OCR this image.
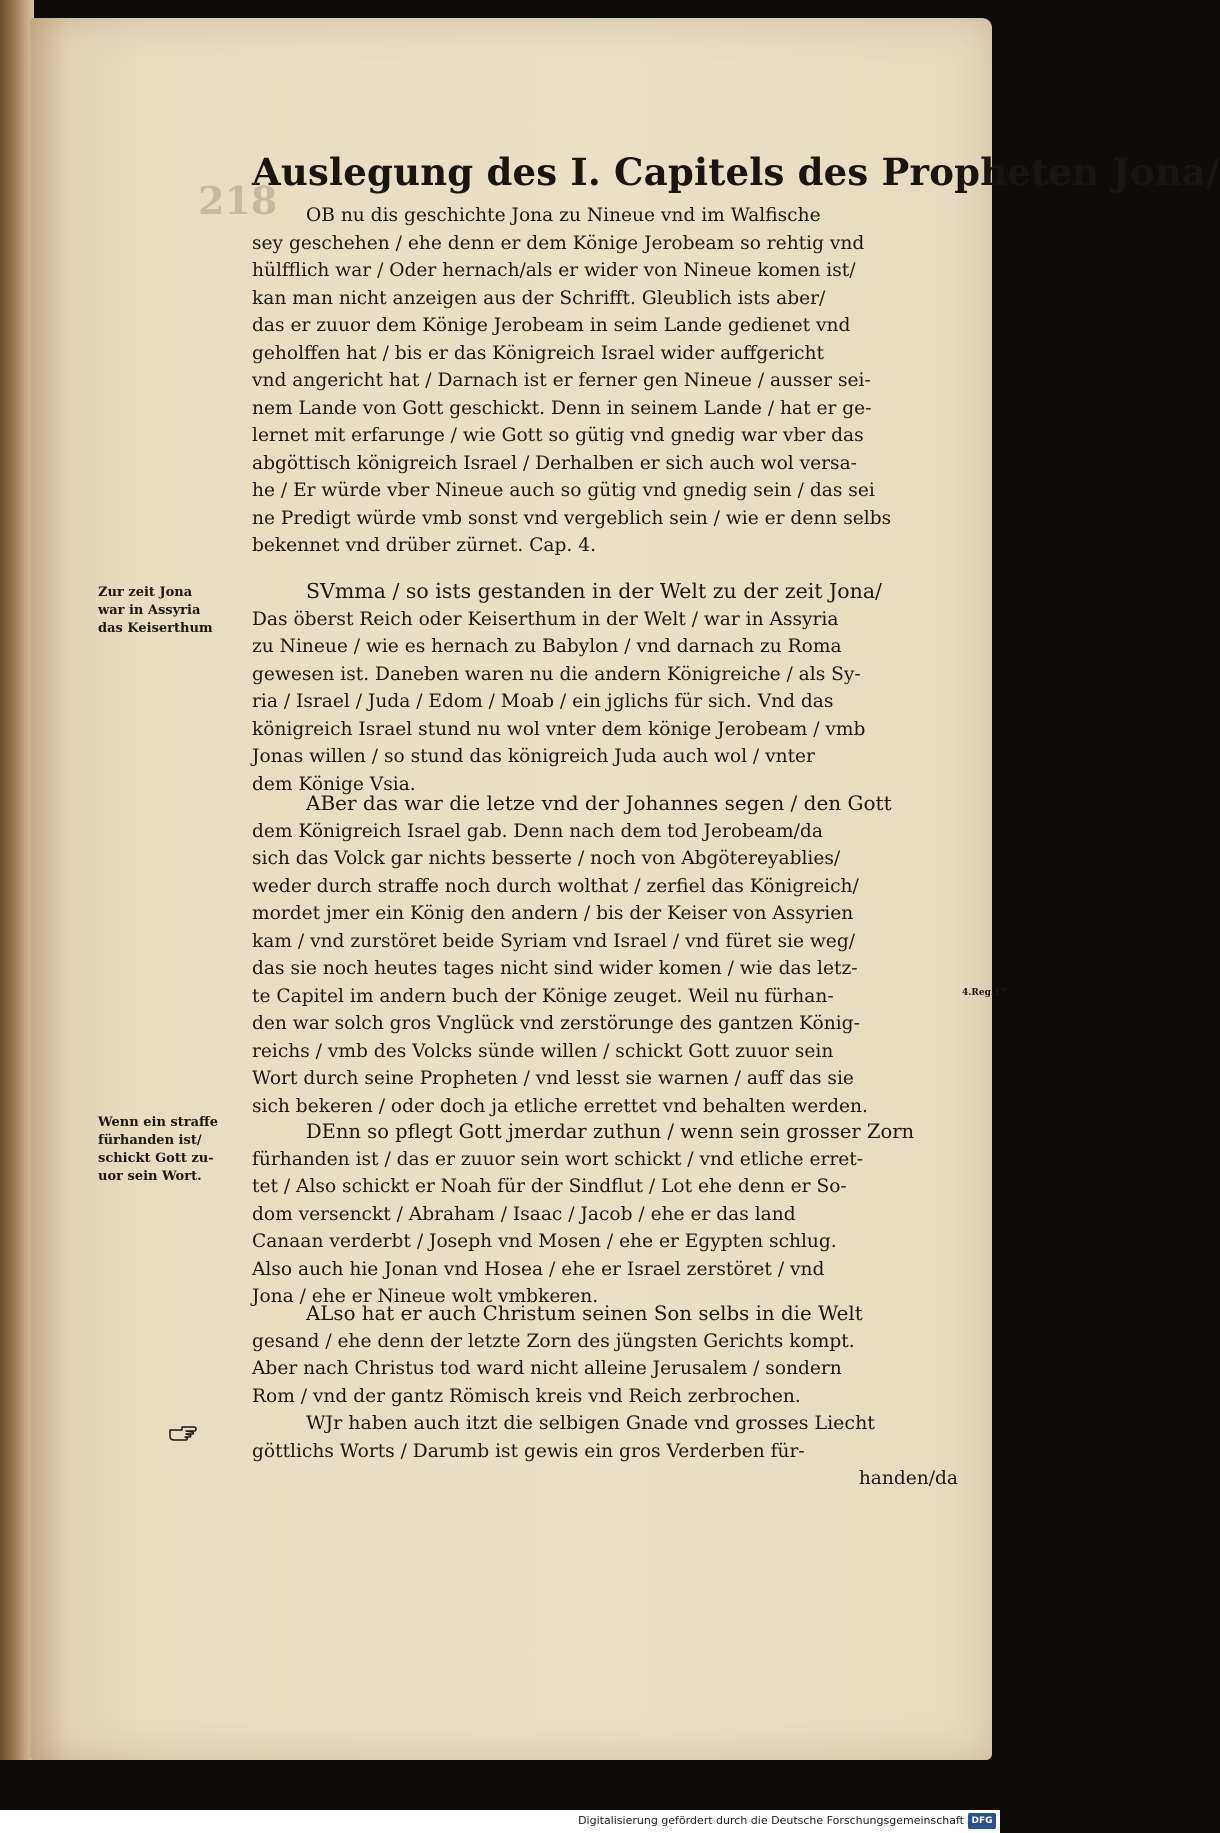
218
Auslegung des I. Capitels des Propheten Jona/
OB nu dis geschichte Jona zu Nineue vnd im Walfische
sey geschehen / ehe denn er dem Könige Jerobeam so rehtig vnd
hülfflich war / Oder hernach/als er wider von Nineue komen ist/
kan man nicht anzeigen aus der Schrifft. Gleublich ists aber/
das er zuuor dem Könige Jerobeam in seim Lande gedienet vnd
geholffen hat / bis er das Königreich Israel wider auffgericht
vnd angericht hat / Darnach ist er ferner gen Nineue / ausser sei-
nem Lande von Gott geschickt. Denn in seinem Lande / hat er ge-
lernet mit erfarunge / wie Gott so gütig vnd gnedig war vber das
abgöttisch königreich Israel / Derhalben er sich auch wol versa-
he / Er würde vber Nineue auch so gütig vnd gnedig sein / das sei
ne Predigt würde vmb sonst vnd vergeblich sein / wie er denn selbs
bekennet vnd drüber zürnet. Cap. 4.
SVmma / so ists gestanden in der Welt zu der zeit Jona/
Das öberst Reich oder Keiserthum in der Welt / war in Assyria
zu Nineue / wie es hernach zu Babylon / vnd darnach zu Roma
gewesen ist. Daneben waren nu die andern Königreiche / als Sy-
ria / Israel / Juda / Edom / Moab / ein jglichs für sich. Vnd das
königreich Israel stund nu wol vnter dem könige Jerobeam / vmb
Jonas willen / so stund das königreich Juda auch wol / vnter
dem Könige Vsia.
ABer das war die letze vnd der Johannes segen / den Gott
dem Königreich Israel gab. Denn nach dem tod Jerobeam/da
sich das Volck gar nichts besserte / noch von Abgötereyablies/
weder durch straffe noch durch wolthat / zerfiel das Königreich/
mordet jmer ein König den andern / bis der Keiser von Assyrien
kam / vnd zurstöret beide Syriam vnd Israel / vnd füret sie weg/
das sie noch heutes tages nicht sind wider komen / wie das letz-
te Capitel im andern buch der Könige zeuget. Weil nu fürhan-
den war solch gros Vnglück vnd zerstörunge des gantzen König-
reichs / vmb des Volcks sünde willen / schickt Gott zuuor sein
Wort durch seine Propheten / vnd lesst sie warnen / auff das sie
sich bekeren / oder doch ja etliche errettet vnd behalten werden.
DEnn so pflegt Gott jmerdar zuthun / wenn sein grosser Zorn
fürhanden ist / das er zuuor sein wort schickt / vnd etliche erret-
tet / Also schickt er Noah für der Sindflut / Lot ehe denn er So-
dom versenckt / Abraham / Isaac / Jacob / ehe er das land
Canaan verderbt / Joseph vnd Mosen / ehe er Egypten schlug.
Also auch hie Jonan vnd Hosea / ehe er Israel zerstöret / vnd
Jona / ehe er Nineue wolt vmbkeren.
ALso hat er auch Christum seinen Son selbs in die Welt
gesand / ehe denn der letzte Zorn des jüngsten Gerichts kompt.
Aber nach Christus tod ward nicht alleine Jerusalem / sondern
Rom / vnd der gantz Römisch kreis vnd Reich zerbrochen.
WJr haben auch itzt die selbigen Gnade vnd grosses Liecht
göttlichs Worts / Darumb ist gewis ein gros Verderben für-
handen/da
Zur zeit Jona
war in Assyria
das Keiserthum
Wenn ein straffe
fürhanden ist/
schickt Gott zu-
uor sein Wort.
4.Reg.17
Digitalisierung gefördert durch die Deutsche Forschungsgemeinschaft DFG
